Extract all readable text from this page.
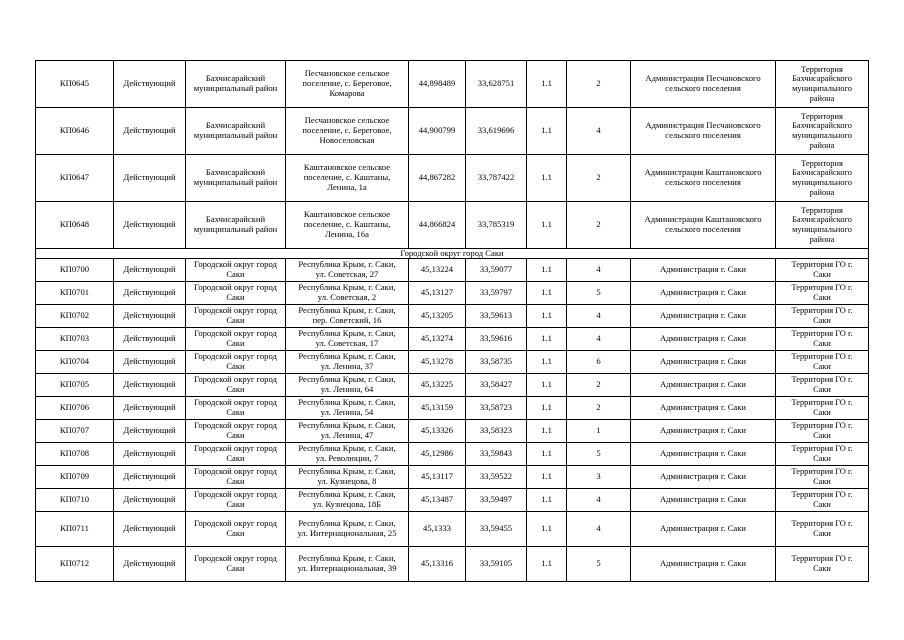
КП0645	Действующий	Бахчисарайский
муниципальный район	Песчановское сельское
поселение, с. Береговое,
Комарова	44,898489	33,628751	1.1	2	Администрация Песчановского
сельского поселения	Территория
Бахчисарайского
муниципального
района
КП0646	Действующий	Бахчисарайский
муниципальный район	Песчановское сельское
поселение, с. Береговое,
Новоселовская	44,900799	33,619696	1.1	4	Администрация Песчановского
сельского поселения	Территория
Бахчисарайского
муниципального
района
КП0647	Действующий	Бахчисарайский
муниципальный район	Каштановское сельское
поселение, с. Каштаны,
Ленина, 1а	44,867282	33,787422	1.1	2	Администрация Каштановского
сельского поселения	Территория
Бахчисарайского
муниципального
района
КП0648	Действующий	Бахчисарайский
муниципальный район	Каштановское сельское
поселение, с. Каштаны,
Ленина, 16а	44,866824	33,785319	1.1	2	Администрация Каштановского
сельского поселения	Территория
Бахчисарайского
муниципального
района
Городской округ город Саки									
КП0700	Действующий	Городской округ город
Саки	Республика Крым, г. Саки,
ул. Советская, 27	45,13224	33,59077	1.1	4	Администрация г. Саки	Территория ГО г.
Саки
КП0701	Действующий	Городской округ город
Саки	Республика Крым, г. Саки,
ул. Советская, 2	45,13127	33,59797	1.1	5	Администрация г. Саки	Территория ГО г.
Саки
КП0702	Действующий	Городской округ город
Саки	Республика Крым, г. Саки,
пер. Советский, 16	45,13205	33,59613	1.1	4	Администрация г. Саки	Территория ГО г.
Саки
КП0703	Действующий	Городской округ город
Саки	Республика Крым, г. Саки,
ул. Советская, 17	45,13274	33,59616	1.1	4	Администрация г. Саки	Территория ГО г.
Саки
КП0704	Действующий	Городской округ город
Саки	Республика Крым, г. Саки,
ул. Ленина, 37	45,13278	33,58735	1.1	6	Администрация г. Саки	Территория ГО г.
Саки
КП0705	Действующий	Городской округ город
Саки	Республика Крым, г. Саки,
ул. Ленина, 64	45,13225	33,58427	1.1	2	Администрация г. Саки	Территория ГО г.
Саки
КП0706	Действующий	Городской округ город
Саки	Республика Крым, г. Саки,
ул. Ленина, 54	45,13159	33,58723	1.1	2	Администрация г. Саки	Территория ГО г.
Саки
КП0707	Действующий	Городской округ город
Саки	Республика Крым, г. Саки,
ул. Ленина, 47	45,13326	33,58323	1.1	1	Администрация г. Саки	Территория ГО г.
Саки
КП0708	Действующий	Городской округ город
Саки	Республика Крым, г. Саки,
ул. Революции, 7	45,12986	33,59843	1.1	5	Администрация г. Саки	Территория ГО г.
Саки
КП0709	Действующий	Городской округ город
Саки	Республика Крым, г. Саки,
ул. Кузнецова, 8	45,13117	33,59522	1.1	3	Администрация г. Саки	Территория ГО г.
Саки
КП0710	Действующий	Городской округ город
Саки	Республика Крым, г. Саки,
ул. Кузнецова, 18Б	45,13487	33,59497	1.1	4	Администрация г. Саки	Территория ГО г.
Саки
КП0711	Действующий	Городской округ город
Саки	Республика Крым, г. Саки,
ул. Интернациональная, 25	45,1333	33,59455	1.1	4	Администрация г. Саки	Территория ГО г.
Саки
КП0712	Действующий	Городской округ город
Саки	Республика Крым, г. Саки,
ул. Интернациональная, 39	45,13316	33,59105	1.1	5	Администрация г. Саки	Территория ГО г.
Саки
